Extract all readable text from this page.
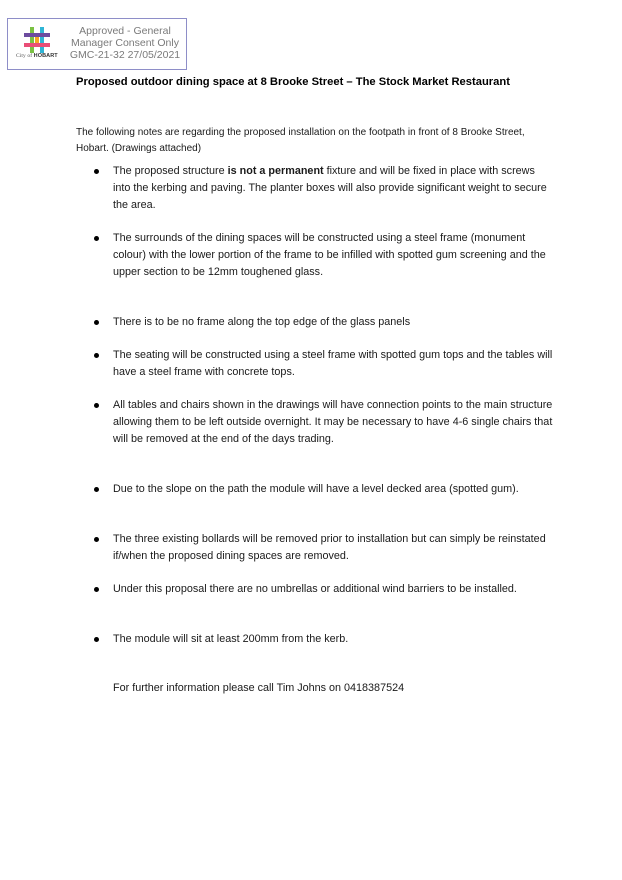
City of HOBART
Approved - General
Manager Consent Only
GMC-21-32 27/05/2021
Proposed outdoor dining space at 8 Brooke Street – The Stock Market Restaurant
The following notes are regarding the proposed installation on the footpath in front of 8 Brooke Street, Hobart. (Drawings attached)
The proposed structure is not a permanent fixture and will be fixed in place with screws into the kerbing and paving. The planter boxes will also provide significant weight to secure the area.
The surrounds of the dining spaces will be constructed using a steel frame (monument colour) with the lower portion of the frame to be infilled with spotted gum screening and the upper section to be 12mm toughened glass.
There is to be no frame along the top edge of the glass panels
The seating will be constructed using a steel frame with spotted gum tops and the tables will have a steel frame with concrete tops.
All tables and chairs shown in the drawings will have connection points to the main structure allowing them to be left outside overnight. It may be necessary to have 4-6 single chairs that will be removed at the end of the days trading.
Due to the slope on the path the module will have a level decked area (spotted gum).
The three existing bollards will be removed prior to installation but can simply be reinstated if/when the proposed dining spaces are removed.
Under this proposal there are no umbrellas or additional wind barriers to be installed.
The module will sit at least 200mm from the kerb.
For further information please call Tim Johns on 0418387524
